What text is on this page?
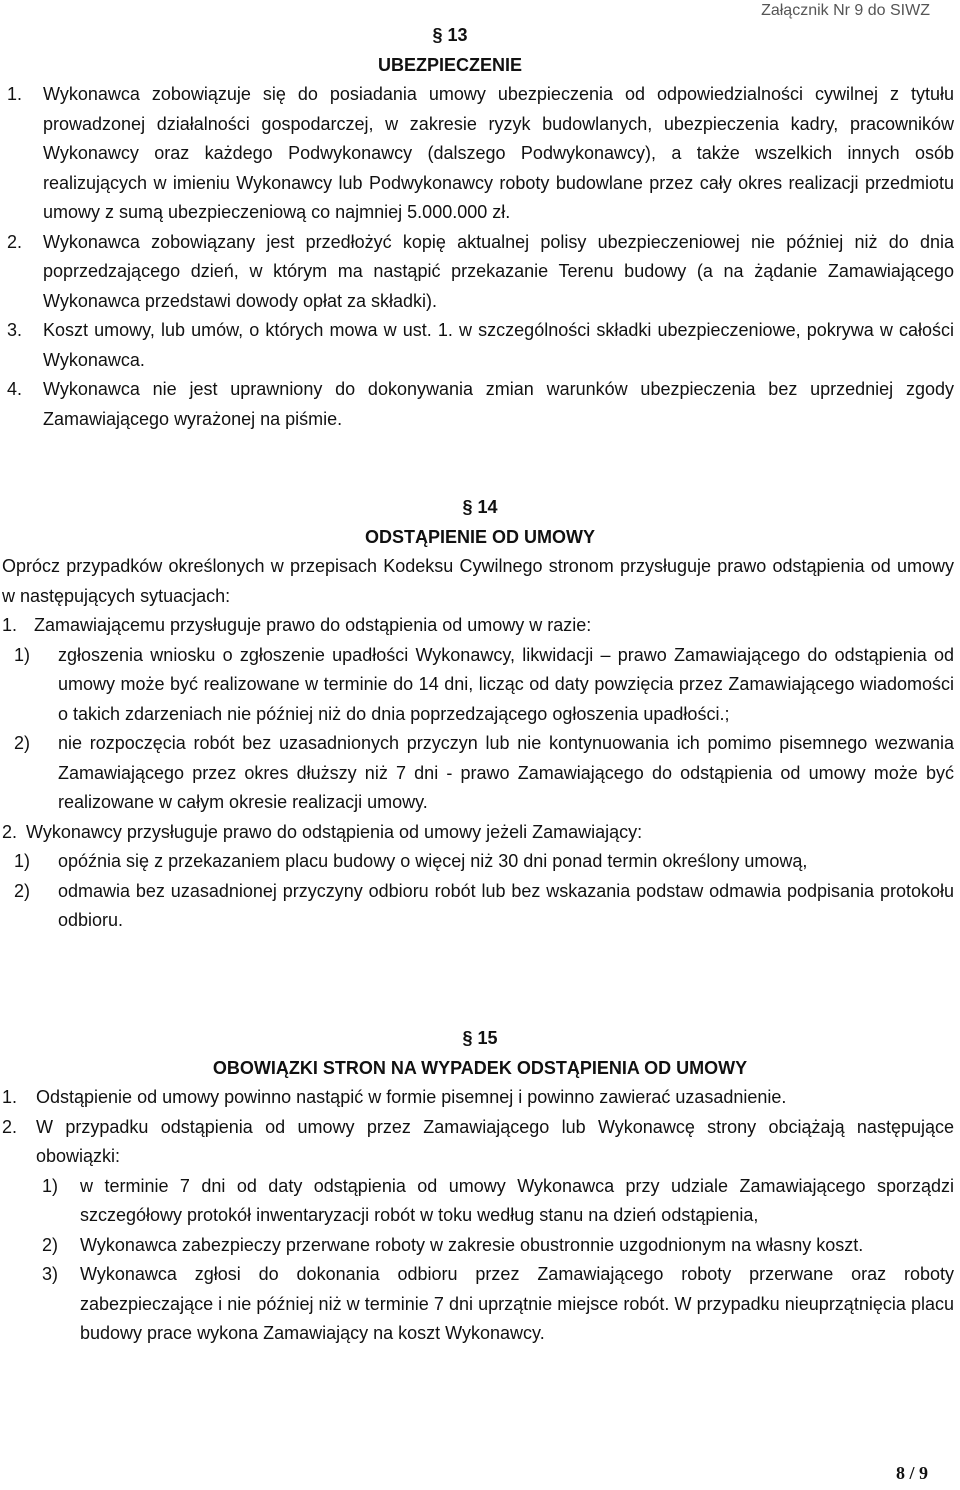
Załącznik Nr 9 do SIWZ
§ 13
UBEZPIECZENIE
1.	Wykonawca zobowiązuje się do posiadania umowy ubezpieczenia od odpowiedzialności cywilnej z tytułu prowadzonej działalności gospodarczej, w zakresie ryzyk budowlanych, ubezpieczenia kadry, pracowników Wykonawcy oraz każdego Podwykonawcy (dalszego Podwykonawcy), a także wszelkich innych osób realizujących w imieniu Wykonawcy lub Podwykonawcy roboty budowlane przez cały okres realizacji przedmiotu umowy z sumą ubezpieczeniową co najmniej 5.000.000 zł.
2.	Wykonawca zobowiązany jest przedłożyć kopię aktualnej polisy ubezpieczeniowej nie później niż do dnia poprzedzającego dzień, w którym ma nastąpić przekazanie Terenu budowy (a na żądanie Zamawiającego Wykonawca przedstawi dowody opłat za składki).
3.	Koszt umowy, lub umów, o których mowa w ust. 1. w szczególności składki ubezpieczeniowe, pokrywa w całości Wykonawca.
4.	Wykonawca nie jest uprawniony do dokonywania zmian warunków ubezpieczenia bez uprzedniej zgody Zamawiającego wyrażonej na piśmie.
§ 14
ODSTĄPIENIE OD UMOWY
Oprócz przypadków określonych w przepisach Kodeksu Cywilnego stronom przysługuje prawo odstąpienia od umowy w następujących sytuacjach:
1. Zamawiającemu przysługuje prawo do odstąpienia od umowy w razie:
1)	zgłoszenia wniosku o zgłoszenie upadłości Wykonawcy, likwidacji – prawo Zamawiającego do odstąpienia od umowy może być realizowane w terminie do 14 dni, licząc od daty powzięcia przez Zamawiającego wiadomości o takich zdarzeniach nie później niż do dnia poprzedzającego ogłoszenia upadłości.;
2)	nie rozpoczęcia robót bez uzasadnionych przyczyn lub nie kontynuowania ich pomimo pisemnego wezwania Zamawiającego przez okres dłuższy niż 7 dni - prawo Zamawiającego do odstąpienia od umowy może być realizowane w całym okresie realizacji umowy.
2. Wykonawcy przysługuje prawo do odstąpienia od umowy jeżeli Zamawiający:
1)	opóźnia się z przekazaniem placu budowy o więcej niż 30 dni ponad termin określony umową,
2)	odmawia bez uzasadnionej przyczyny odbioru robót lub bez wskazania podstaw odmawia podpisania protokołu odbioru.
§ 15
OBOWIĄZKI STRON NA WYPADEK ODSTĄPIENIA OD UMOWY
1.	Odstąpienie od umowy powinno nastąpić w formie pisemnej i powinno zawierać uzasadnienie.
2.	W przypadku odstąpienia od umowy przez Zamawiającego lub Wykonawcę strony obciążają następujące obowiązki:
1)	w terminie 7 dni od daty odstąpienia od umowy Wykonawca przy udziale Zamawiającego sporządzi szczegółowy protokół inwentaryzacji robót w toku według stanu na dzień odstąpienia,
2)	Wykonawca zabezpieczy przerwane roboty w zakresie obustronnie uzgodnionym na własny koszt.
3)	Wykonawca zgłosi do dokonania odbioru przez Zamawiającego roboty przerwane oraz roboty zabezpieczające i nie później niż w terminie 7 dni uprzątnie miejsce robót. W przypadku nieuprzątnięcia placu budowy prace wykona Zamawiający na koszt Wykonawcy.
8 / 9
